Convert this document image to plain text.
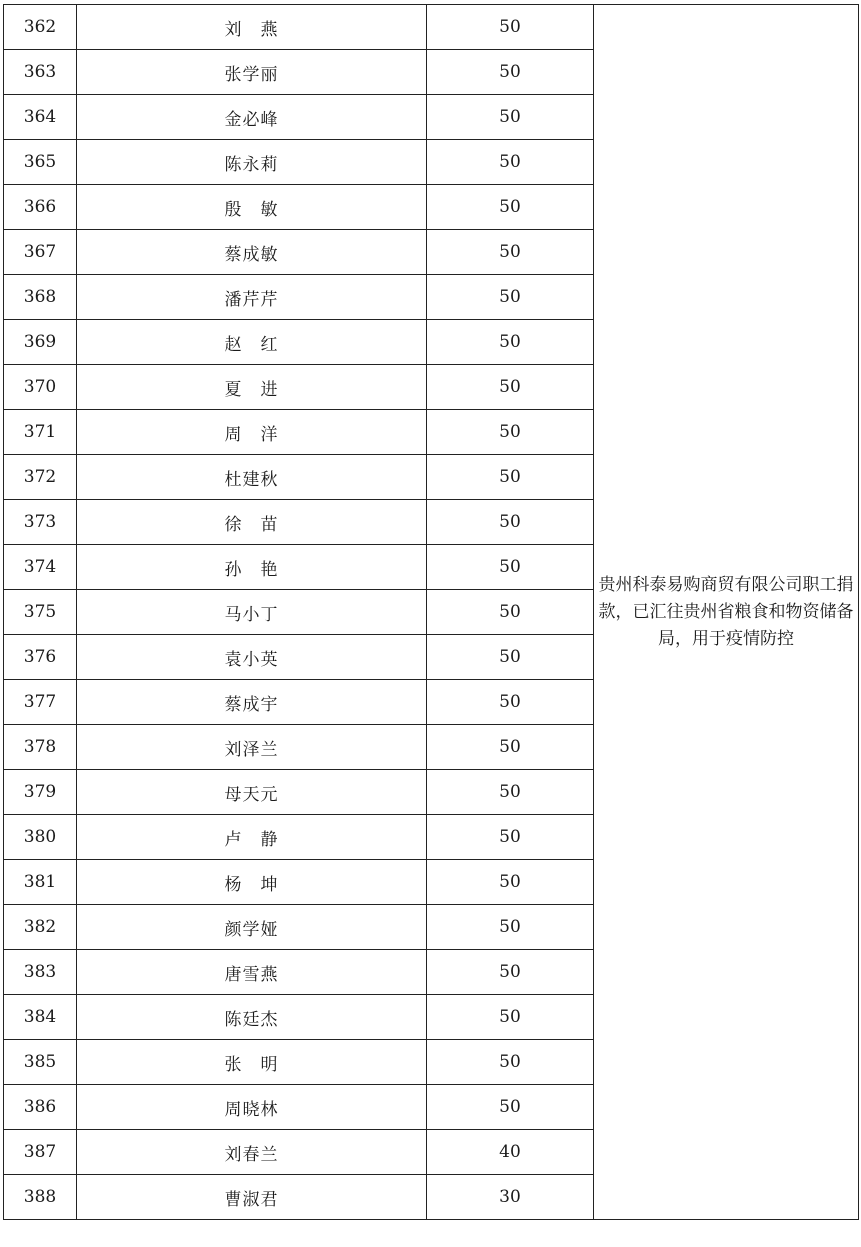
362	刘　燕	50	贵州科泰易购商贸有限公司职工捐款，已汇往贵州省粮食和物资储备局，用于疫情防控
363	张学丽	50	
364	金必峰	50	
365	陈永莉	50	
366	殷　敏	50	
367	蔡成敏	50	
368	潘芹芹	50	
369	赵　红	50	
370	夏　进	50	
371	周　洋	50	
372	杜建秋	50	
373	徐　苗	50	
374	孙　艳	50	
375	马小丁	50	
376	袁小英	50	
377	蔡成宇	50	
378	刘泽兰	50	
379	母天元	50	
380	卢　静	50	
381	杨　坤	50	
382	颜学娅	50	
383	唐雪燕	50	
384	陈廷杰	50	
385	张　明	50	
386	周晓林	50	
387	刘春兰	40	
388	曹淑君	30	
